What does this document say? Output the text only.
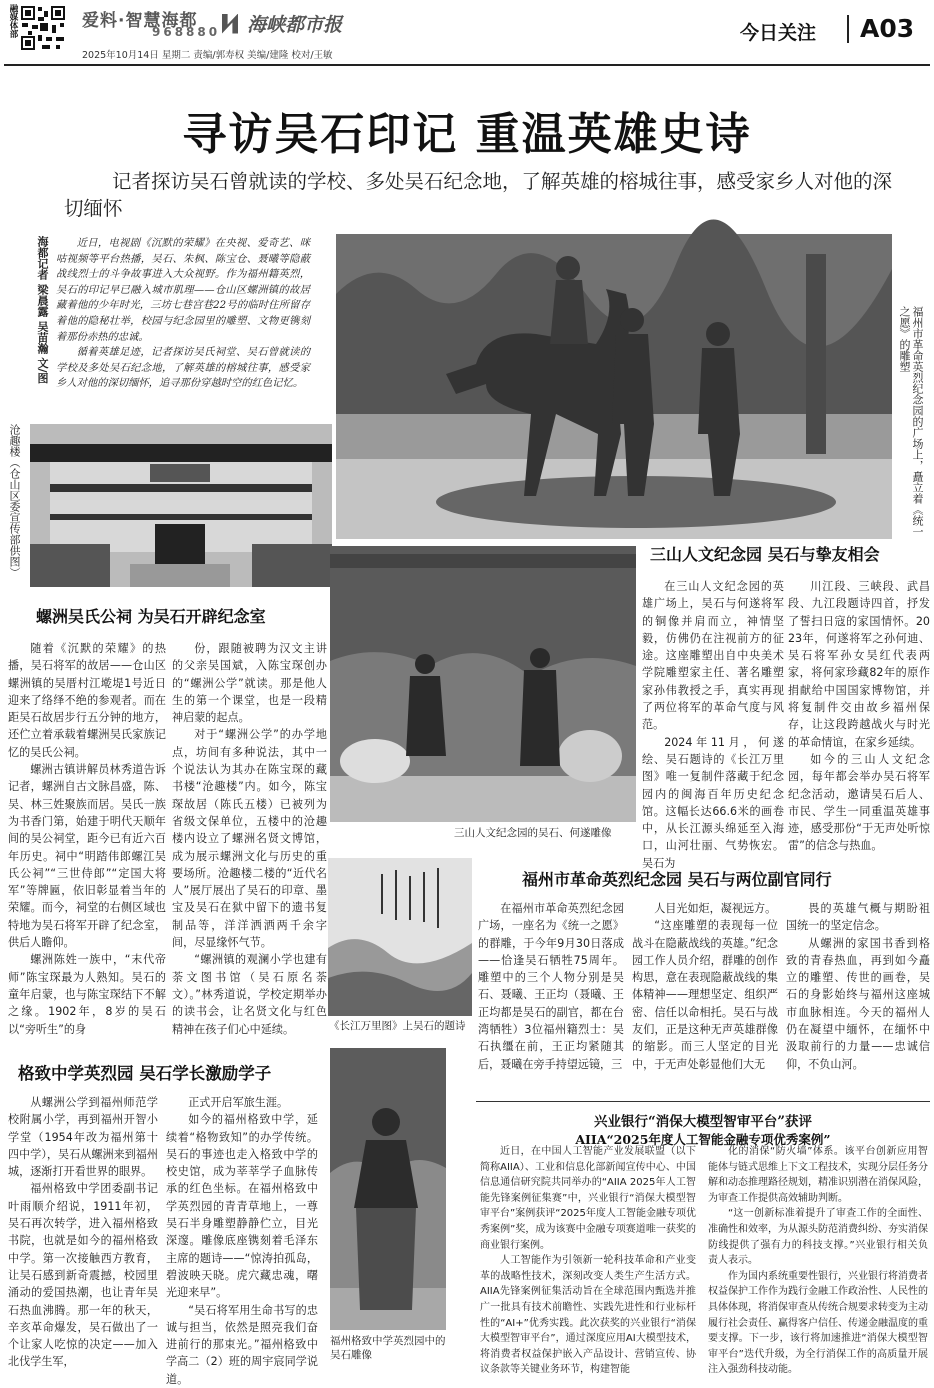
融媒体部	爱料·智慧海都
968880	海峡都市报
2025年10月14日 星期二 责编/郭寿权 美编/建隆 校对/王敏
今日关注 A03
寻访吴石印记 重温英雄史诗
记者探访吴石曾就读的学校、多处吴石纪念地，了解英雄的榕城往事，感受家乡人对他的深切缅怀
海都记者 梁晨露 吴苗瀚 文/图	近日，电视剧《沉默的荣耀》在央视、爱奇艺、咪咕视频等平台热播，吴石、朱枫、陈宝仓、聂曦等隐蔽战线烈士的斗争故事进入大众视野。作为福州籍英烈，吴石的印记早已融入城市肌理——仓山区螺洲镇的故居藏着他的少年时光，三坊七巷宫巷22号的临时住所留存着他的隐秘壮举，校园与纪念园里的雕塑、文物更镌刻着那份赤热的忠诚。

循着英雄足迹，记者探访吴氏祠堂、吴石曾就读的学校及多处吴石纪念地，了解英雄的榕城往事，感受家乡人对他的深切缅怀，追寻那份穿越时空的红色记忆。	福州市革命英烈纪念园的广场上，矗立着《统一之愿》的雕塑
沧趣楼（仓山区委宣传部供图）
螺洲吴氏公祠 为吴石开辟纪念室

随着《沉默的荣耀》的热播，吴石将军的故居——仓山区螺洲镇的吴厝村江墘堤1号近日迎来了络绎不绝的参观者。而在距吴石故居步行五分钟的地方，还伫立着承载着螺洲吴氏家族记忆的吴氏公祠。

螺洲古镇讲解员林秀道告诉记者，螺洲自古文脉昌盛，陈、吴、林三姓聚族而居。吴氏一族为书香门第，始建于明代天顺年间的吴公祠堂，距今已有近六百年历史。祠中“明踏伟郎螺江吴氏公祠”“三世侍郎”“定国大将军”等牌匾，依旧彰显着当年的荣耀。而今，祠堂的右侧区域也特地为吴石将军开辟了纪念室，供后人瞻仰。

螺洲陈姓一族中，“末代帝师”陈宝琛最为人熟知。吴石的童年启蒙，也与陈宝琛结下不解之缘。1902年，8岁的吴石以“旁听生”的身

份，跟随被聘为汉文主讲的父亲吴国斌，入陈宝琛创办的“螺洲公学”就读。那是他人生的第一个课堂，也是一段精神启蒙的起点。

对于“螺洲公学”的办学地点，坊间有多种说法，其中一个说法认为其办在陈宝琛的藏书楼“沧趣楼”内。如今，陈宝琛故居（陈氏五楼）已被列为省级文保单位，五楼中的沧趣楼内设立了螺洲名贤文博馆，成为展示螺洲文化与历史的重要场所。沧趣楼二楼的“近代名人”展厅展出了吴石的印章、墨宝及吴石在狱中留下的遗书复制品等，洋洋洒洒两千余字间，尽显缘怀气节。

“螺洲镇的观澜小学也建有荼文图书馆（吴石原名荼文）。”林秀道说，学校定期举办的读书会，让名贤文化与红色精神在孩子们心中延续。

三山人文纪念园的吴石、何遂雕像
三山人文纪念园 吴石与挚友相会

在三山人文纪念园的英雄广场上，吴石与何遂将军的铜像并肩而立，神情坚毅，仿佛仍在注视前方的征途。这座雕塑出自中央美术学院雕塑家主任、著名雕塑家孙伟教授之手，真实再现了两位将军的革命气度与风范。

2024年11月，何遂绘、吴石题诗的《长江万里图》唯一复制件落藏于纪念园内的闽海百年历史纪念馆。这幅长达66.6米的画卷中，从长江源头绵延至入海口，山河壮丽、气势恢宏。吴石为

川江段、三峡段、武昌段、九江段题诗四首，抒发了誓扫日寇的家国情怀。2023年，何遂将军之孙何迪、吴石将军孙女吴红代表两家，将何家珍藏82年的原作捐献给中国国家博物馆，并将复制件交由故乡福州保存，让这段跨越战火与时光的革命情谊，在家乡延续。

如今的三山人文纪念园，每年都会举办吴石将军纪念活动，邀请吴石后人、市民、学生一同重温英雄事迹，感受那份“于无声处听惊雷”的信念与热血。

福州市革命英烈纪念园 吴石与两位副官同行
《长江万里图》上吴石的题诗

在福州市革命英烈纪念园广场，一座名为《统一之愿》的群雕，于今年9月30日落成——恰逢吴石牺牲75周年。雕塑中的三个人物分别是吴石、聂曦、王正均（聂曦、王正均都是吴石的副官，都在台湾牺牲）3位福州籍烈士：吴石执缰在前，王正均紧随其后，聂曦在旁手持望远镜，三

人目光如炬，凝视远方。

“这座雕塑的表现每一位战斗在隐蔽战线的英雄。”纪念园工作人员介绍，群雕的创作构思，意在表现隐蔽战线的集体精神——理想坚定、组织严密、信任以命相托。吴石与战友们，正是这种无声英雄群像的缩影。而三人坚定的目光中，于无声处彰显他们大无

畏的英雄气概与期盼祖国统一的坚定信念。

从螺洲的家国书香到格致的青春热血，再到如今矗立的雕塑、传世的画卷，吴石的身影始终与福州这座城市血脉相连。今天的福州人仍在凝望中缅怀，在缅怀中汲取前行的力量——忠诚信仰，不负山河。

格致中学英烈园 吴石学长激励学子

从螺洲公学到福州师范学校附属小学，再到福州开智小学堂（1954年改为福州第十四中学），吴石从螺洲来到福州城，逐渐打开看世界的眼界。

福州格致中学团委副书记叶雨顺介绍说，1911年初，吴石再次转学，进入福州格致书院，也就是如今的福州格致中学。第一次接触西方教育，让吴石感到新奇震撼，校园里涌动的爱国热潮，也让青年吴石热血沸腾。那一年的秋天，辛亥革命爆发，吴石做出了一个让家人吃惊的决定——加入北伐学生军，

正式开启军旅生涯。

如今的福州格致中学，延续着“格物致知”的办学传统。吴石的事迹也走入格致中学的校史馆，成为莘莘学子血脉传承的红色坐标。在福州格致中学英烈园的青青草地上，一尊吴石半身雕塑静静伫立，目光深邃。雕像底座镌刻着毛泽东主席的题诗——“惊涛拍孤岛，碧波映天晓。虎穴藏忠魂，曙光迎来早”。

“吴石将军用生命书写的忠诚与担当，依然是照亮我们奋进前行的那束光。”福州格致中学高二（2）班的周宇宸同学说道。

福州格致中学英烈园中的吴石雕像
兴业银行“消保大模型智审平台”获评
AIIA“2025年度人工智能金融专项优秀案例”

近日，在中国人工智能产业发展联盟（以下简称AIIA）、工业和信息化部新闻宣传中心、中国信息通信研究院共同举办的“AIIA 2025年人工智能先锋案例征集赛”中，兴业银行“消保大模型智审平台”案例获评“2025年度人工智能金融专项优秀案例”奖，成为该赛中金融专项赛道唯一获奖的商业银行案例。

人工智能作为引领新一轮科技革命和产业变革的战略性技术，深刻改变人类生产生活方式。AIIA先锋案例征集活动旨在全球范围内甄选并推广一批具有技术前瞻性、实践先进性和行业标杆性的“AI+”优秀实践。此次获奖的兴业银行“消保大模型智审平台”，通过深度应用AI大模型技术，将消费者权益保护嵌入产品设计、营销宣传、协议条款等关键业务环节，构建智能

化的消保“防火墙”体系。该平台创新应用智能体与链式思维上下文工程技术，实现分层任务分解和动态推理路径规划，精准识别潜在消保风险，为审查工作提供高效辅助判断。

“这一创新标准着提升了审查工作的全面性、准确性和效率，为从源头防范消费纠纷、夯实消保防线提供了强有力的科技支撑。”兴业银行相关负责人表示。

作为国内系统重要性银行，兴业银行将消费者权益保护工作作为践行金融工作政治性、人民性的具体体现，将消保审查从传统合规要求转变为主动履行社会责任、赢得客户信任、传递金融温度的重要支撑。下一步，该行将加速推进“消保大模型智审平台”迭代升级，为全行消保工作的高质量开展注入强劲科技动能。
